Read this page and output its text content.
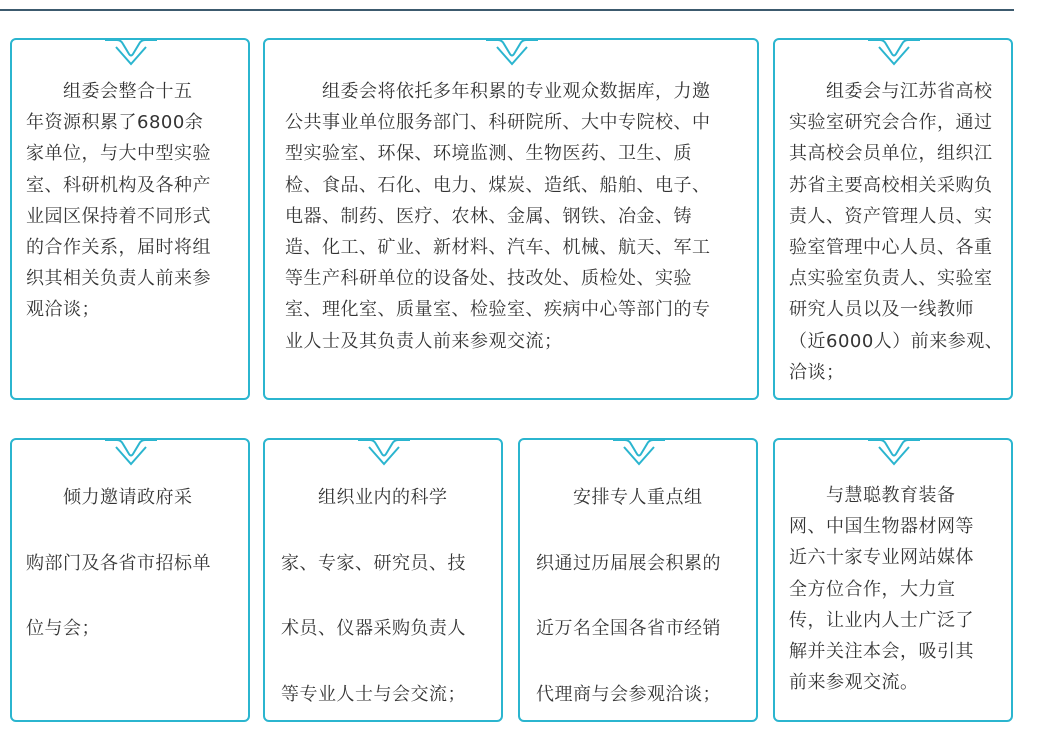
　　组委会整合十五
年资源积累了6800余
家单位，与大中型实验
室、科研机构及各种产
业园区保持着不同形式
的合作关系，届时将组
织其相关负责人前来参
观洽谈；

　　组委会将依托多年积累的专业观众数据库，力邀
公共事业单位服务部门、科研院所、大中专院校、中
型实验室、环保、环境监测、生物医药、卫生、质
检、食品、石化、电力、煤炭、造纸、船舶、电子、
电器、制药、医疗、农林、金属、钢铁、冶金、铸
造、化工、矿业、新材料、汽车、机械、航天、军工
等生产科研单位的设备处、技改处、质检处、实验
室、理化室、质量室、检验室、疾病中心等部门的专
业人士及其负责人前来参观交流；

　　组委会与江苏省高校
实验室研究会合作，通过
其高校会员单位，组织江
苏省主要高校相关采购负
责人、资产管理人员、实
验室管理中心人员、各重
点实验室负责人、实验室
研究人员以及一线教师
（近6000人）前来参观、
洽谈；

　　倾力邀请政府采
购部门及各省市招标单
位与会；

　　组织业内的科学
家、专家、研究员、技
术员、仪器采购负责人
等专业人士与会交流；

　　安排专人重点组
织通过历届展会积累的
近万名全国各省市经销
代理商与会参观洽谈；

　　与慧聪教育装备
网、中国生物器材网等
近六十家专业网站媒体
全方位合作，大力宣
传，让业内人士广泛了
解并关注本会，吸引其
前来参观交流。
